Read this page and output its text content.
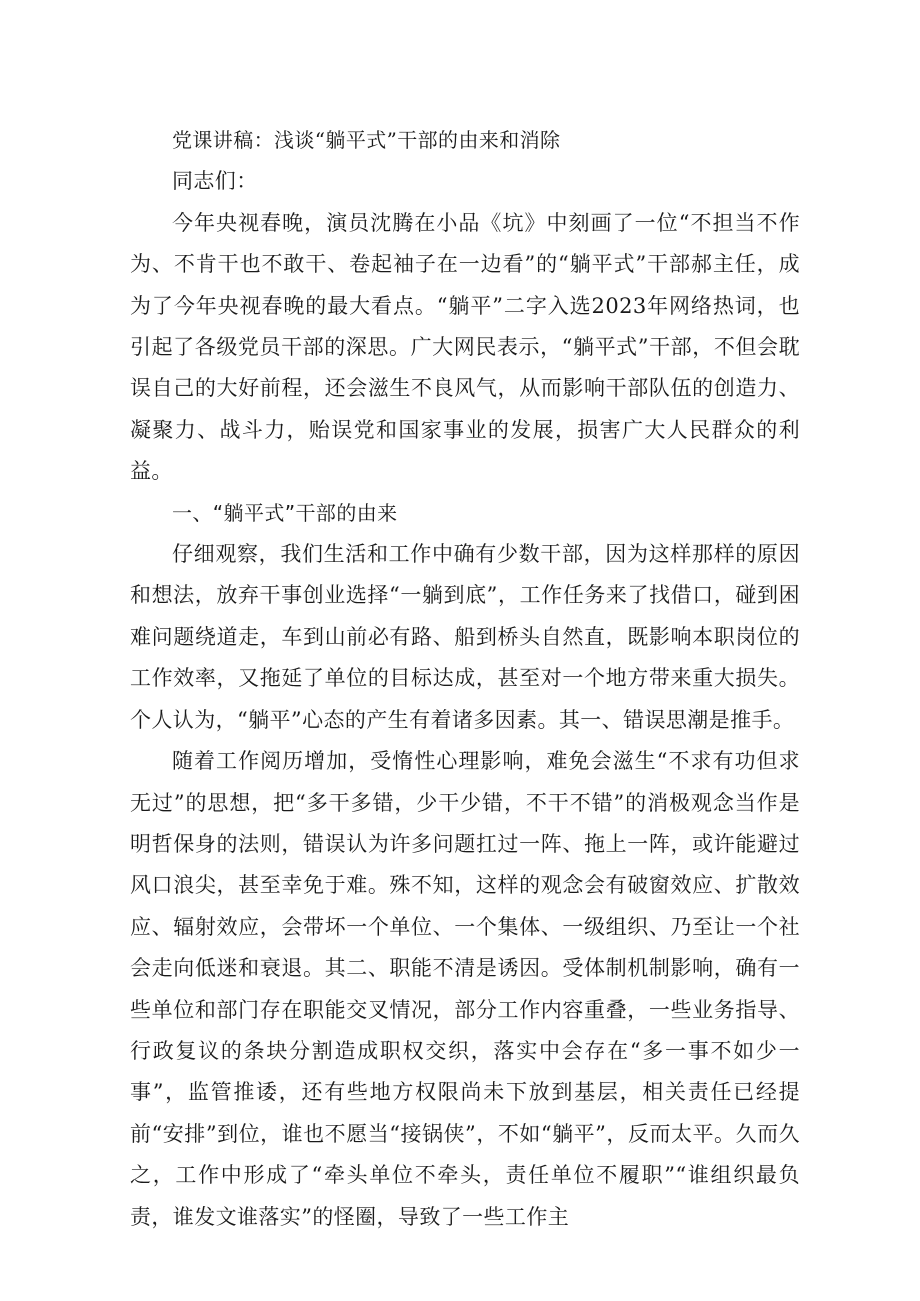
党课讲稿：浅谈“躺平式”干部的由来和消除

同志们：

今年央视春晚，演员沈腾在小品《坑》中刻画了一位“不担当不作为、不肯干也不敢干、卷起袖子在一边看”的“躺平式”干部郝主任，成为了今年央视春晚的最大看点。“躺平”二字入选2023年网络热词，也引起了各级党员干部的深思。广大网民表示，“躺平式”干部，不但会耽误自己的大好前程，还会滋生不良风气，从而影响干部队伍的创造力、凝聚力、战斗力，贻误党和国家事业的发展，损害广大人民群众的利益。

一、“躺平式”干部的由来

仔细观察，我们生活和工作中确有少数干部，因为这样那样的原因和想法，放弃干事创业选择“一躺到底”，工作任务来了找借口，碰到困难问题绕道走，车到山前必有路、船到桥头自然直，既影响本职岗位的工作效率，又拖延了单位的目标达成，甚至对一个地方带来重大损失。个人认为，“躺平”心态的产生有着诸多因素。其一、错误思潮是推手。

随着工作阅历增加，受惰性心理影响，难免会滋生“不求有功但求无过”的思想，把“多干多错，少干少错，不干不错”的消极观念当作是明哲保身的法则，错误认为许多问题扛过一阵、拖上一阵，或许能避过风口浪尖，甚至幸免于难。殊不知，这样的观念会有破窗效应、扩散效应、辐射效应，会带坏一个单位、一个集体、一级组织、乃至让一个社会走向低迷和衰退。其二、职能不清是诱因。受体制机制影响，确有一些单位和部门存在职能交叉情况，部分工作内容重叠，一些业务指导、行政复议的条块分割造成职权交织，落实中会存在“多一事不如少一事”，监管推诿，还有些地方权限尚未下放到基层，相关责任已经提前“安排”到位，谁也不愿当“接锅侠”，不如“躺平”，反而太平。久而久之，工作中形成了“牵头单位不牵头，责任单位不履职”“谁组织最负责，谁发文谁落实”的怪圈，导致了一些工作主
